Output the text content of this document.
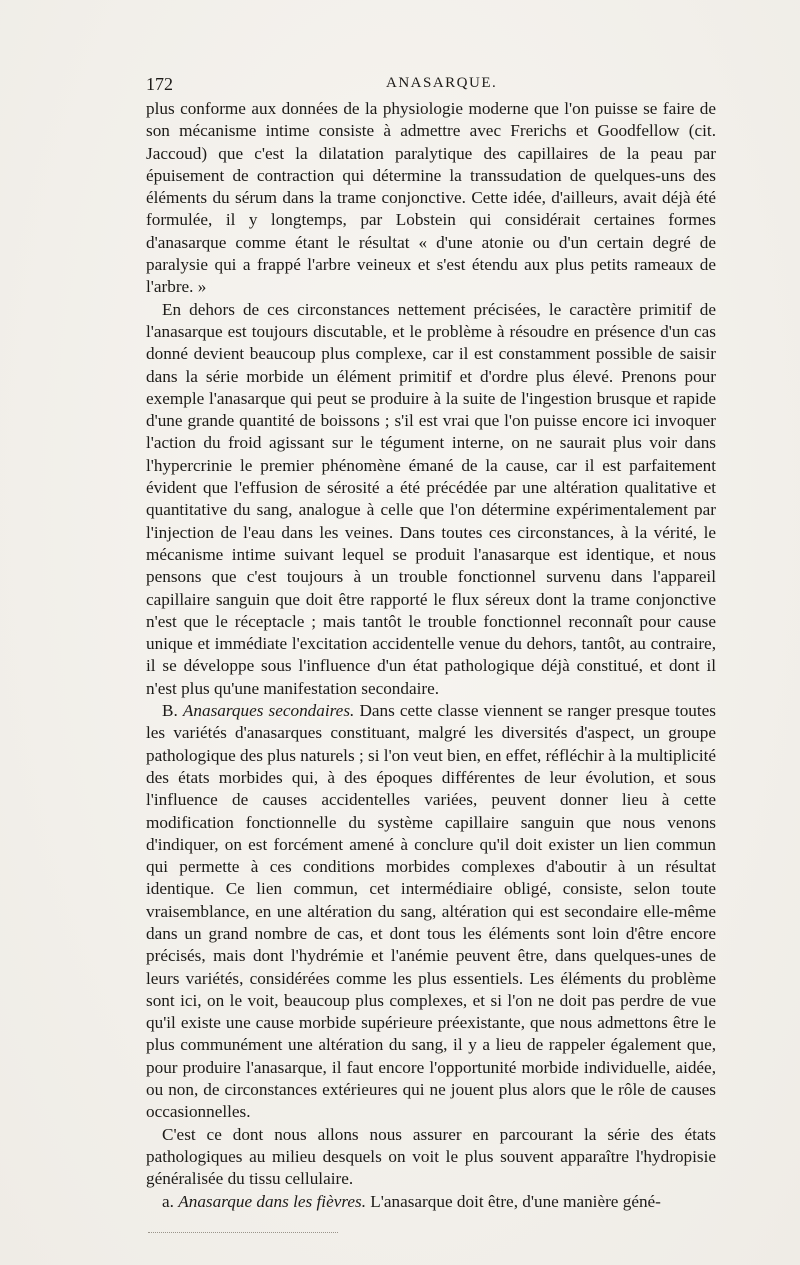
172	ANASARQUE.

plus conforme aux données de la physiologie moderne que l'on puisse se faire de son mécanisme intime consiste à admettre avec Frerichs et Goodfellow (cit. Jaccoud) que c'est la dilatation paralytique des capillaires de la peau par épuisement de contraction qui détermine la transsudation de quelques-uns des éléments du sérum dans la trame conjonctive. Cette idée, d'ailleurs, avait déjà été formulée, il y longtemps, par Lobstein qui considérait certaines formes d'anasarque comme étant le résultat « d'une atonie ou d'un certain degré de paralysie qui a frappé l'arbre veineux et s'est étendu aux plus petits rameaux de l'arbre. »

En dehors de ces circonstances nettement précisées, le caractère primitif de l'anasarque est toujours discutable, et le problème à résoudre en présence d'un cas donné devient beaucoup plus complexe, car il est constamment possible de saisir dans la série morbide un élément primitif et d'ordre plus élevé. Prenons pour exemple l'anasarque qui peut se produire à la suite de l'ingestion brusque et rapide d'une grande quantité de boissons ; s'il est vrai que l'on puisse encore ici invoquer l'action du froid agissant sur le tégument interne, on ne saurait plus voir dans l'hypercrinie le premier phénomène émané de la cause, car il est parfaitement évident que l'effusion de sérosité a été précédée par une altération qualitative et quantitative du sang, analogue à celle que l'on détermine expérimentalement par l'injection de l'eau dans les veines. Dans toutes ces circonstances, à la vérité, le mécanisme intime suivant lequel se produit l'anasarque est identique, et nous pensons que c'est toujours à un trouble fonctionnel survenu dans l'appareil capillaire sanguin que doit être rapporté le flux séreux dont la trame conjonctive n'est que le réceptacle ; mais tantôt le trouble fonctionnel reconnaît pour cause unique et immédiate l'excitation accidentelle venue du dehors, tantôt, au contraire, il se développe sous l'influence d'un état pathologique déjà constitué, et dont il n'est plus qu'une manifestation secondaire.

B. Anasarques secondaires. Dans cette classe viennent se ranger presque toutes les variétés d'anasarques constituant, malgré les diversités d'aspect, un groupe pathologique des plus naturels ; si l'on veut bien, en effet, réfléchir à la multiplicité des états morbides qui, à des époques différentes de leur évolution, et sous l'influence de causes accidentelles variées, peuvent donner lieu à cette modification fonctionnelle du système capillaire sanguin que nous venons d'indiquer, on est forcément amené à conclure qu'il doit exister un lien commun qui permette à ces conditions morbides complexes d'aboutir à un résultat identique. Ce lien commun, cet intermédiaire obligé, consiste, selon toute vraisemblance, en une altération du sang, altération qui est secondaire elle-même dans un grand nombre de cas, et dont tous les éléments sont loin d'être encore précisés, mais dont l'hydrémie et l'anémie peuvent être, dans quelques-unes de leurs variétés, considérées comme les plus essentiels. Les éléments du problème sont ici, on le voit, beaucoup plus complexes, et si l'on ne doit pas perdre de vue qu'il existe une cause morbide supérieure préexistante, que nous admettons être le plus communément une altération du sang, il y a lieu de rappeler également que, pour produire l'anasarque, il faut encore l'opportunité morbide individuelle, aidée, ou non, de circonstances extérieures qui ne jouent plus alors que le rôle de causes occasionnelles.

C'est ce dont nous allons nous assurer en parcourant la série des états pathologiques au milieu desquels on voit le plus souvent apparaître l'hydropisie généralisée du tissu cellulaire.

a. Anasarque dans les fièvres. L'anasarque doit être, d'une manière géné-
